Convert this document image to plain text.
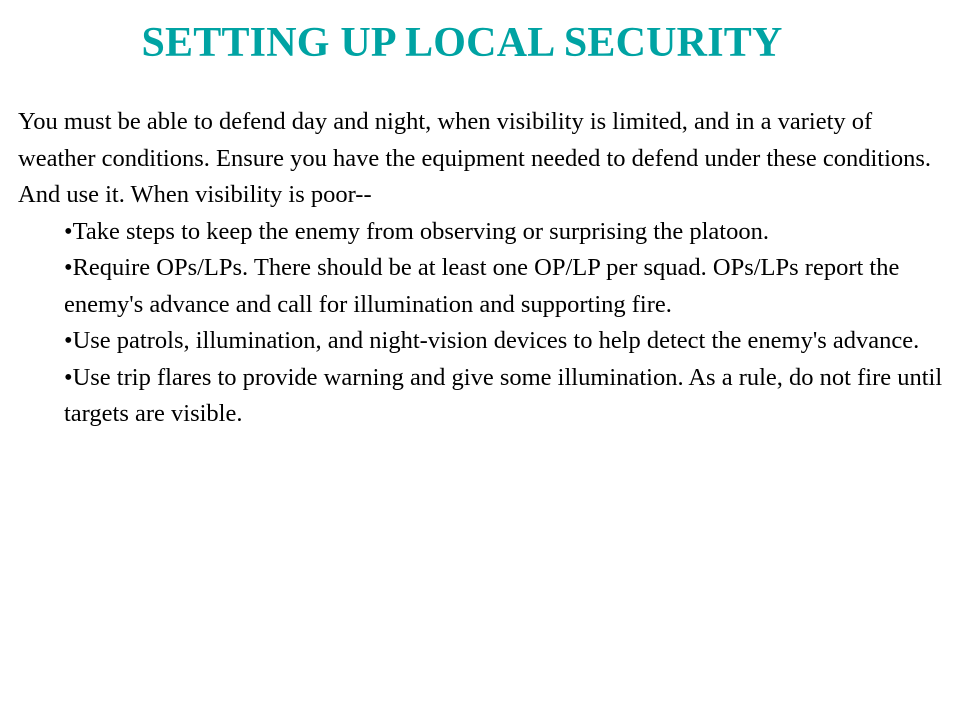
SETTING UP LOCAL SECURITY

You must be able to defend day and night, when visibility is limited, and in a variety of weather conditions. Ensure you have the equipment needed to defend under these conditions. And use it. When visibility is poor--

•Take steps to keep the enemy from observing or surprising the platoon.
•Require OPs/LPs. There should be at least one OP/LP per squad. OPs/LPs report the enemy's advance and call for illumination and supporting fire.
•Use patrols, illumination, and night-vision devices to help detect the enemy's advance.
•Use trip flares to provide warning and give some illumination. As a rule, do not fire until targets are visible.
